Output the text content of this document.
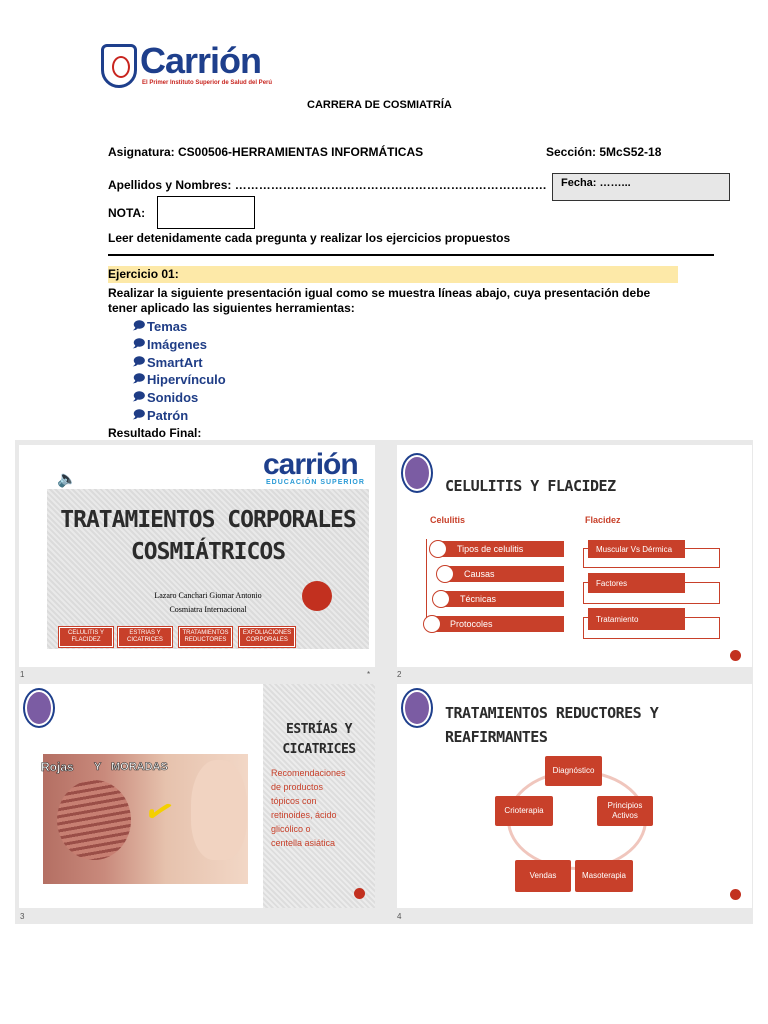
Carrión
El Primer Instituto Superior de Salud del Perú
CARRERA DE COSMIATRÍA
Asignatura: CS00506-HERRAMIENTAS INFORMÁTICAS	Sección: 5McS52-18
Apellidos y Nombres: …………………………………………………………………… Fecha: ……...
NOTA:
Leer detenidamente cada pregunta y realizar los ejercicios propuestos
Ejercicio 01:
Realizar la siguiente presentación igual como se muestra líneas abajo, cuya presentación debe
tener aplicado las siguientes herramientas:
🗩 Temas
🗩 Imágenes
🗩 SmartArt
🗩 Hipervínculo
🗩 Sonidos
🗩 Patrón
Resultado Final:
🔈	carrión
EDUCACIÓN SUPERIOR
TRATAMIENTOS CORPORALES
COSMIÁTRICOS
Lazaro Canchari Giomar Antonio
Cosmiatra Internacional
CELULITIS Y
FLACIDEZ
ESTRIAS Y
CICATRICES
TRATAMIENTOS
REDUCTORES
EXFOLIACIONES
CORPORALES
1	*
CELULITIS Y FLACIDEZ
Celulitis	Flacidez
Tipos de celulitis
Causas
Técnicas
Protocoles
Muscular Vs Dérmica
Factores
Tratamiento
2
✓
Rojas Y MORADAS
ESTRÍAS Y
CICATRICES
Recomendaciones
de productos
tópicos con
retinoides, ácido
glicólico o
centella asiática
3
TRATAMIENTOS REDUCTORES Y
REAFIRMANTES
Diagnóstico
Principios Activos
Masoterapia
Vendas
Crioterapia
4
